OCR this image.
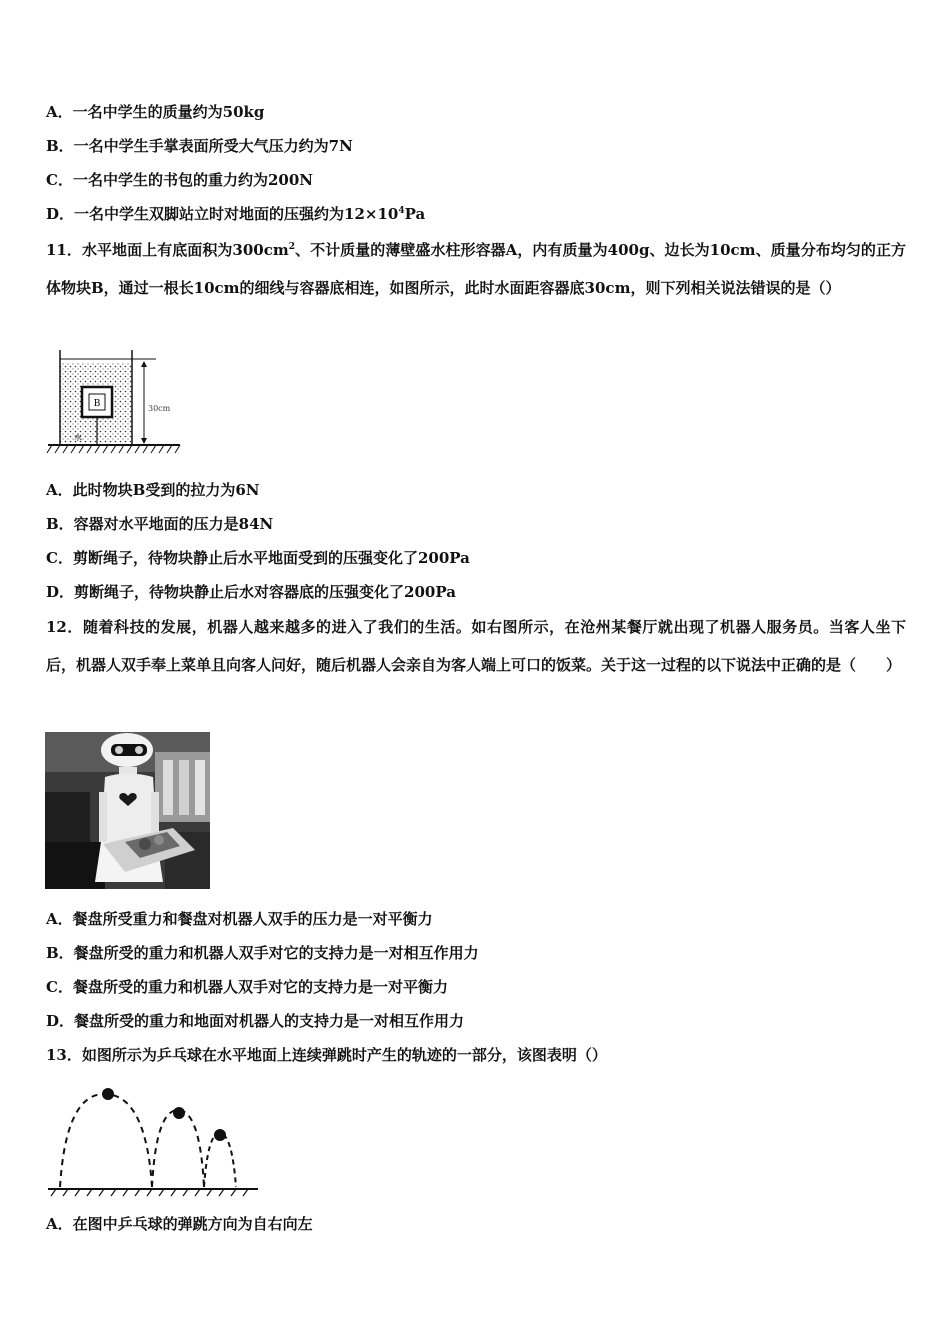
A．一名中学生的质量约为50kg
B．一名中学生手掌表面所受大气压力约为7N
C．一名中学生的书包的重力约为200N
D．一名中学生双脚站立时对地面的压强约为$12\times 10^4Pa$
11．水平地面上有底面积为$300cm^2$、不计质量的薄壁盛水柱形容器A，内有质量为400g、边长为10cm、质量分布均匀的正方体物块B，通过一根长10cm的细线与容器底相连，如图所示，此时水面距容器底30cm，则下列相关说法错误的是（）
B
水
30cm
A．此时物块B受到的拉力为6N
B．容器对水平地面的压力是84N
C．剪断绳子，待物块静止后水平地面受到的压强变化了200Pa
D．剪断绳子，待物块静止后水对容器底的压强变化了200Pa
12．随着科技的发展，机器人越来越多的进入了我们的生活。如右图所示，在沧州某餐厅就出现了机器人服务员。当客人坐下后，机器人双手奉上菜单且向客人问好，随后机器人会亲自为客人端上可口的饭菜。关于这一过程的以下说法中正确的是（　　）
A．餐盘所受重力和餐盘对机器人双手的压力是一对平衡力
B．餐盘所受的重力和机器人双手对它的支持力是一对相互作用力
C．餐盘所受的重力和机器人双手对它的支持力是一对平衡力
D．餐盘所受的重力和地面对机器人的支持力是一对相互作用力
13．如图所示为乒乓球在水平地面上连续弹跳时产生的轨迹的一部分，该图表明（）
A．在图中乒乓球的弹跳方向为自右向左
